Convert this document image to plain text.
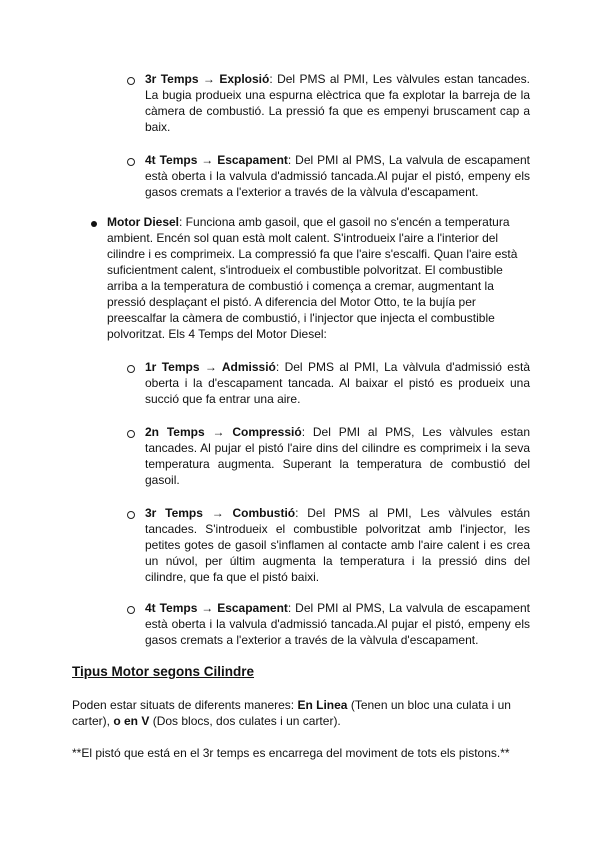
3r Temps → Explosió: Del PMS al PMI, Les vàlvules estan tancades. La bugia produeix una espurna elèctrica que fa explotar la barreja de la càmera de combustió. La pressió fa que es empenyi bruscament cap a baix.
4t Temps → Escapament: Del PMI al PMS, La valvula de escapament està oberta i la valvula d'admissió tancada.Al pujar el pistó, empeny els gasos cremats a l'exterior a través de la vàlvula d'escapament.
Motor Diesel: Funciona amb gasoil, que el gasoil no s'encén a temperatura ambient. Encén sol quan està molt calent. S'introdueix l'aire a l'interior del cilindre i es comprimeix. La compressió fa que l'aire s'escalfi. Quan l'aire està suficientment calent, s'introdueix el combustible polvoritzat. El combustible arriba a la temperatura de combustió i comença a cremar, augmentant la pressió desplaçant el pistó. A diferencia del Motor Otto, te la bujía per preescalfar la càmera de combustió, i l'injector que injecta el combustible polvoritzat. Els 4 Temps del Motor Diesel:
1r Temps → Admissió: Del PMS al PMI, La vàlvula d'admissió està oberta i la d'escapament tancada. Al baixar el pistó es produeix una succió que fa entrar una aire.
2n Temps → Compressió: Del PMI al PMS, Les vàlvules estan tancades. Al pujar el pistó l'aire dins del cilindre es comprimeix i la seva temperatura augmenta. Superant la temperatura de combustió del gasoil.
3r Temps → Combustió: Del PMS al PMI, Les vàlvules están tancades. S'introdueix el combustible polvoritzat amb l'injector, les petites gotes de gasoil s'inflamen al contacte amb l'aire calent i es crea un núvol, per últim augmenta la temperatura i la pressió dins del cilindre, que fa que el pistó baixi.
4t Temps → Escapament: Del PMI al PMS, La valvula de escapament està oberta i la valvula d'admissió tancada.Al pujar el pistó, empeny els gasos cremats a l'exterior a través de la vàlvula d'escapament.
Tipus Motor segons Cilindre
Poden estar situats de diferents maneres: En Linea (Tenen un bloc una culata i un carter), o en V (Dos blocs, dos culates i un carter).
**El pistó que está en el 3r temps es encarrega del moviment de tots els pistons.**
